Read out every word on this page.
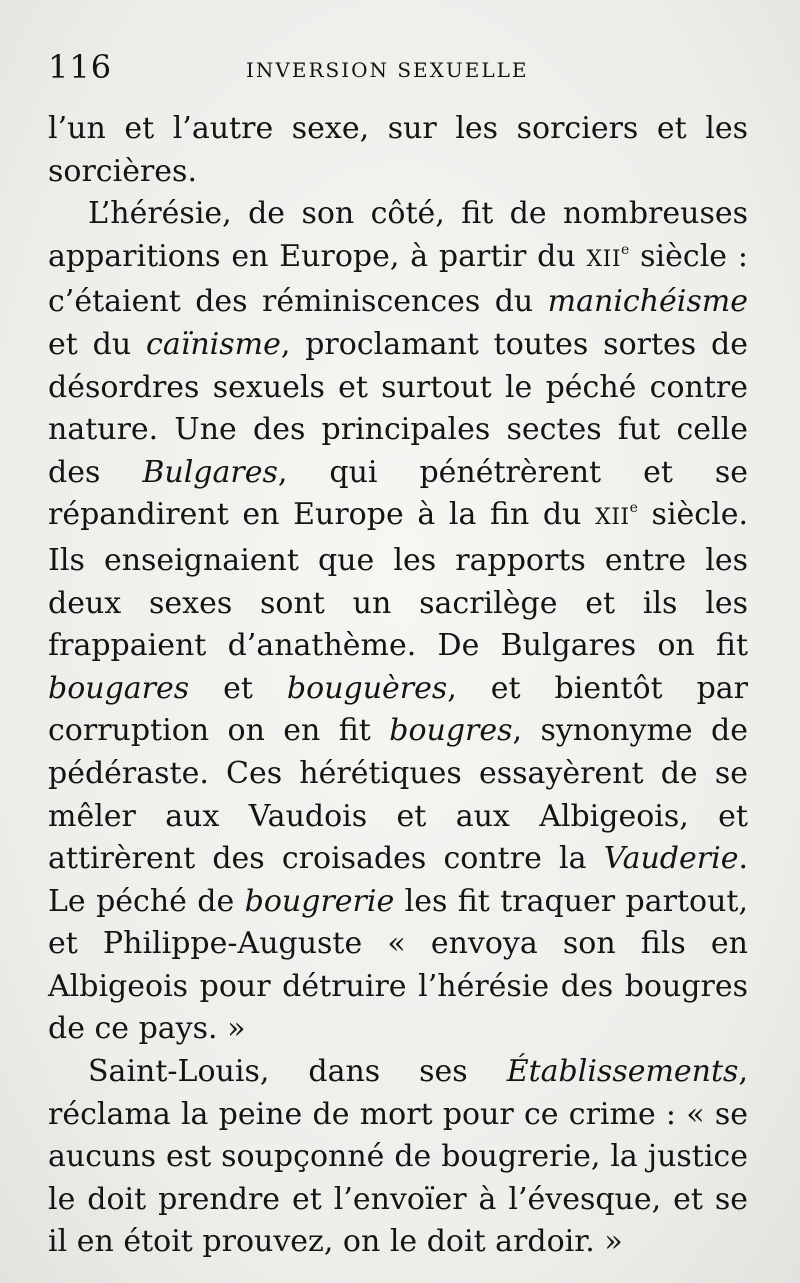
116	INVERSION SEXUELLE

l’un et l’autre sexe, sur les sorciers et les sorcières.

L’hérésie, de son côté, fit de nombreuses apparitions en Europe, à partir du XIIe siècle : c’étaient des réminiscences du manichéisme et du caïnisme, proclamant toutes sortes de désordres sexuels et surtout le péché contre nature. Une des principales sectes fut celle des Bulgares, qui pénétrèrent et se répandirent en Europe à la fin du XIIe siècle. Ils enseignaient que les rapports entre les deux sexes sont un sacrilège et ils les frappaient d’anathème. De Bulgares on fit bougares et bouguères, et bientôt par corruption on en fit bougres, synonyme de pédéraste. Ces hérétiques essayèrent de se mêler aux Vaudois et aux Albigeois, et attirèrent des croisades contre la Vauderie. Le péché de bougrerie les fit traquer partout, et Philippe-Auguste « envoya son fils en Albigeois pour détruire l’hérésie des bougres de ce pays. »

Saint-Louis, dans ses Établissements, réclama la peine de mort pour ce crime : « se aucuns est soupçonné de bougrerie, la justice le doit prendre et l’envoïer à l’évesque, et se il en étoit prouvez, on le doit ardoir. »
